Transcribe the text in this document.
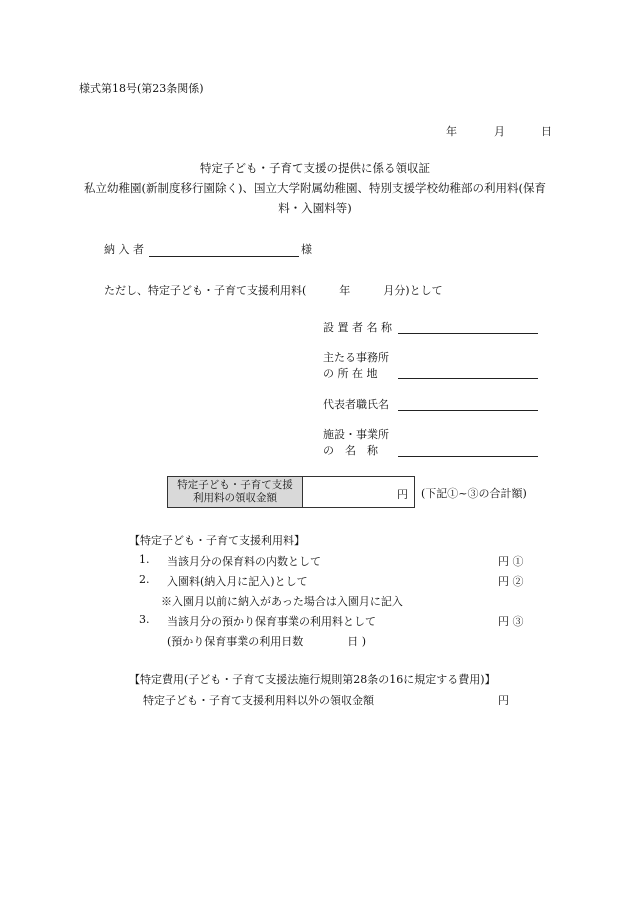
様式第18号(第23条関係)
年	月	日
特定子ども・子育て支援の提供に係る領収証
私立幼稚園(新制度移行園除く)、国立大学附属幼稚園、特別支援学校幼稚部の利用料(保育
料・入園料等)
納 入 者	様
ただし、特定子ども・子育て支援利用料(　　　年　　　月分)として
設 置 者 名 称
主たる事務所
の 所 在 地
代表者職氏名
施設・事業所
の　名　称
特定子ども・子育て支援
利用料の領収金額	円 (下記①~③の合計額)
【特定子ども・子育て支援利用料】
1. 当該月分の保育料の内数として	円 ①
2. 入園料(納入月に記入)として	円 ②
※入園月以前に納入があった場合は入園月に記入
3. 当該月分の預かり保育事業の利用料として	円 ③
(預かり保育事業の利用日数　　　　日 )
【特定費用(子ども・子育て支援法施行規則第28条の16に規定する費用)】
特定子ども・子育て支援利用料以外の領収金額	円
